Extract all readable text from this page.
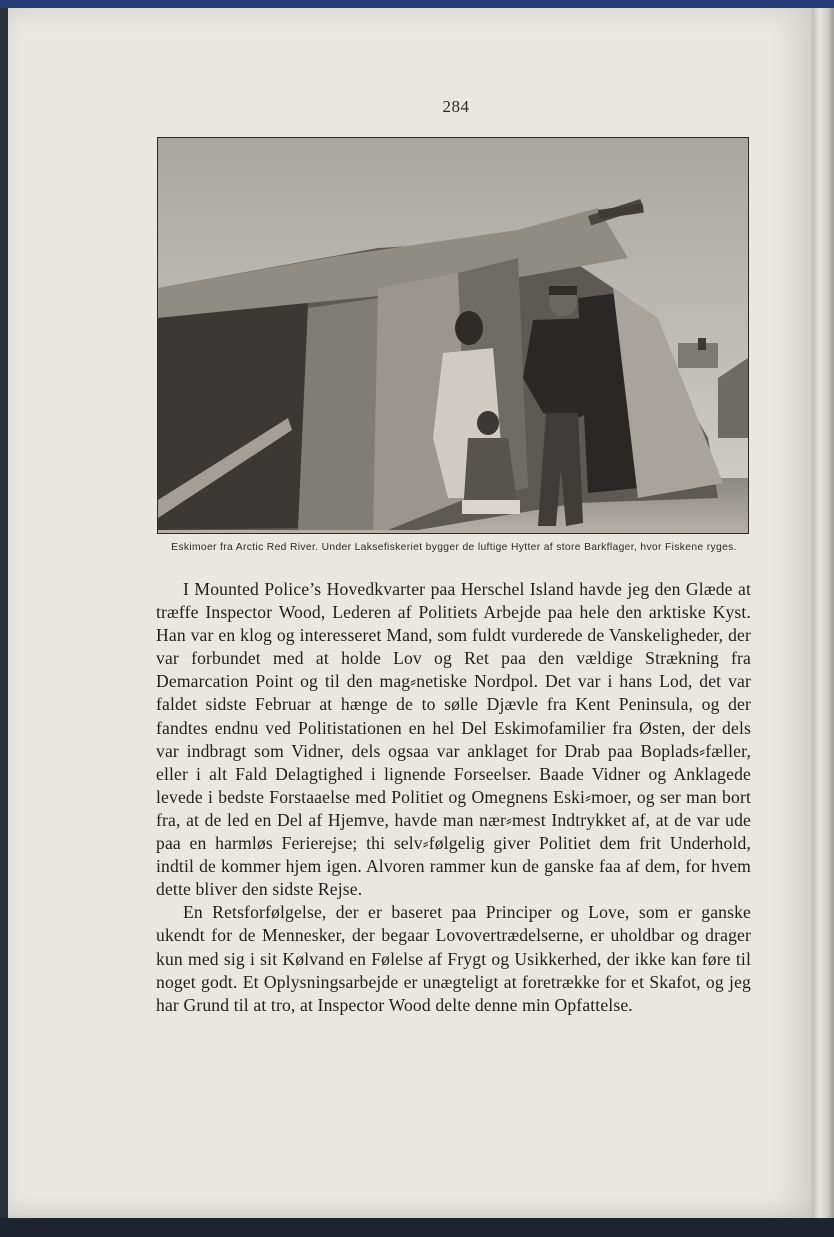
284
Eskimoer fra Arctic Red River. Under Laksefiskeriet bygger de luftige Hytter af store Barkflager, hvor Fiskene ryges.

I Mounted Police’s Hovedkvarter paa Herschel Island havde jeg den Glæde at træffe Inspector Wood, Lederen af Politiets Arbejde paa hele den arktiske Kyst. Han var en klog og interesseret Mand, som fuldt vurderede de Vanskeligheder, der var forbundet med at holde Lov og Ret paa den vældige Strækning fra Demarcation Point og til den mag⸗netiske Nordpol. Det var i hans Lod, det var faldet sidste Februar at hænge de to sølle Djævle fra Kent Peninsula, og der fandtes endnu ved Politistationen en hel Del Eskimofamilier fra Østen, der dels var indbragt som Vidner, dels ogsaa var anklaget for Drab paa Boplads⸗fæller, eller i alt Fald Delagtighed i lignende Forseelser. Baade Vidner og Anklagede levede i bedste Forstaaelse med Politiet og Omegnens Eski⸗moer, og ser man bort fra, at de led en Del af Hjemve, havde man nær⸗mest Indtrykket af, at de var ude paa en harmløs Ferierejse; thi selv⸗følgelig giver Politiet dem frit Underhold, indtil de kommer hjem igen. Alvoren rammer kun de ganske faa af dem, for hvem dette bliver den sidste Rejse.

En Retsforfølgelse, der er baseret paa Principer og Love, som er ganske ukendt for de Mennesker, der begaar Lovovertrædelserne, er uholdbar og drager kun med sig i sit Kølvand en Følelse af Frygt og Usikkerhed, der ikke kan føre til noget godt. Et Oplysningsarbejde er unægteligt at foretrække for et Skafot, og jeg har Grund til at tro, at Inspector Wood delte denne min Opfattelse.
